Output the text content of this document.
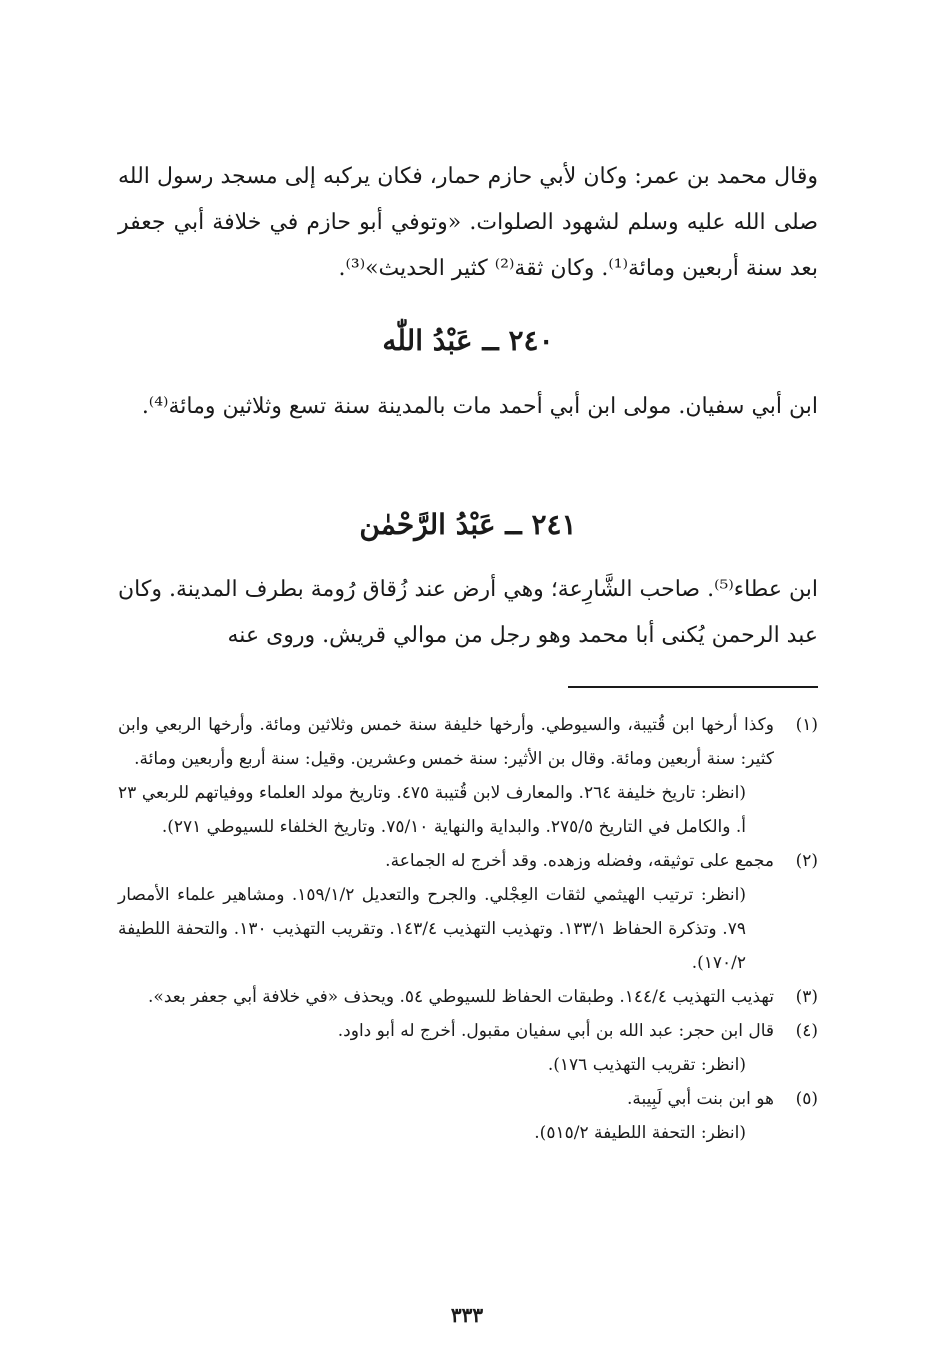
وقال محمد بن عمر: وكان لأبي حازم حمار، فكان يركبه إلى مسجد رسول الله صلى الله عليه وسلم لشهود الصلوات. «وتوفي أبو حازم في خلافة أبي جعفر بعد سنة أربعين ومائة⁽¹⁾. وكان ثقة⁽²⁾ كثير الحديث»⁽³⁾.

٢٤٠ ــ عَبْدُ اللّٰه

ابن أبي سفيان. مولى ابن أبي أحمد مات بالمدينة سنة تسع وثلاثين ومائة⁽⁴⁾.

٢٤١ ــ عَبْدُ الرَّحْمٰن

ابن عطاء⁽⁵⁾. صاحب الشَّارِعة؛ وهي أرض عند زُقاق رُومة بطرف المدينة. وكان عبد الرحمن يُكنى أبا محمد وهو رجل من موالي قريش. وروى عنه

(١)
وكذا أرخها ابن قُتيبة، والسيوطي. وأرخها خليفة سنة خمس وثلاثين ومائة. وأرخها الربعي وابن كثير: سنة أربعين ومائة. وقال بن الأثير: سنة خمس وعشرين. وقيل: سنة أربع وأربعين ومائة.
(انظر: تاريخ خليفة ٢٦٤. والمعارف لابن قُتيبة ٤٧٥. وتاريخ مولد العلماء ووفياتهم للربعي ٢٣ أ. والكامل في التاريخ ٢٧٥/٥. والبداية والنهاية ٧٥/١٠. وتاريخ الخلفاء للسيوطي ٢٧١).
(٢)
مجمع على توثيقه، وفضله وزهده. وقد أخرج له الجماعة.
(انظر: ترتيب الهيثمي لثقات العِجْلي. والجرح والتعديل ١٥٩/١/٢. ومشاهير علماء الأمصار ٧٩. وتذكرة الحفاظ ١٣٣/١. وتهذيب التهذيب ١٤٣/٤. وتقريب التهذيب ١٣٠. والتحفة اللطيفة ١٧٠/٢).
(٣)
تهذيب التهذيب ١٤٤/٤. وطبقات الحفاظ للسيوطي ٥٤. ويحذف «في خلافة أبي جعفر بعد».
(٤)
قال ابن حجر: عبد الله بن أبي سفيان مقبول. أخرج له أبو داود.
(انظر: تقريب التهذيب ١٧٦).
(٥)
هو ابن بنت أبي لَبِيبة.
(انظر: التحفة اللطيفة ٥١٥/٢).
٣٣٣
